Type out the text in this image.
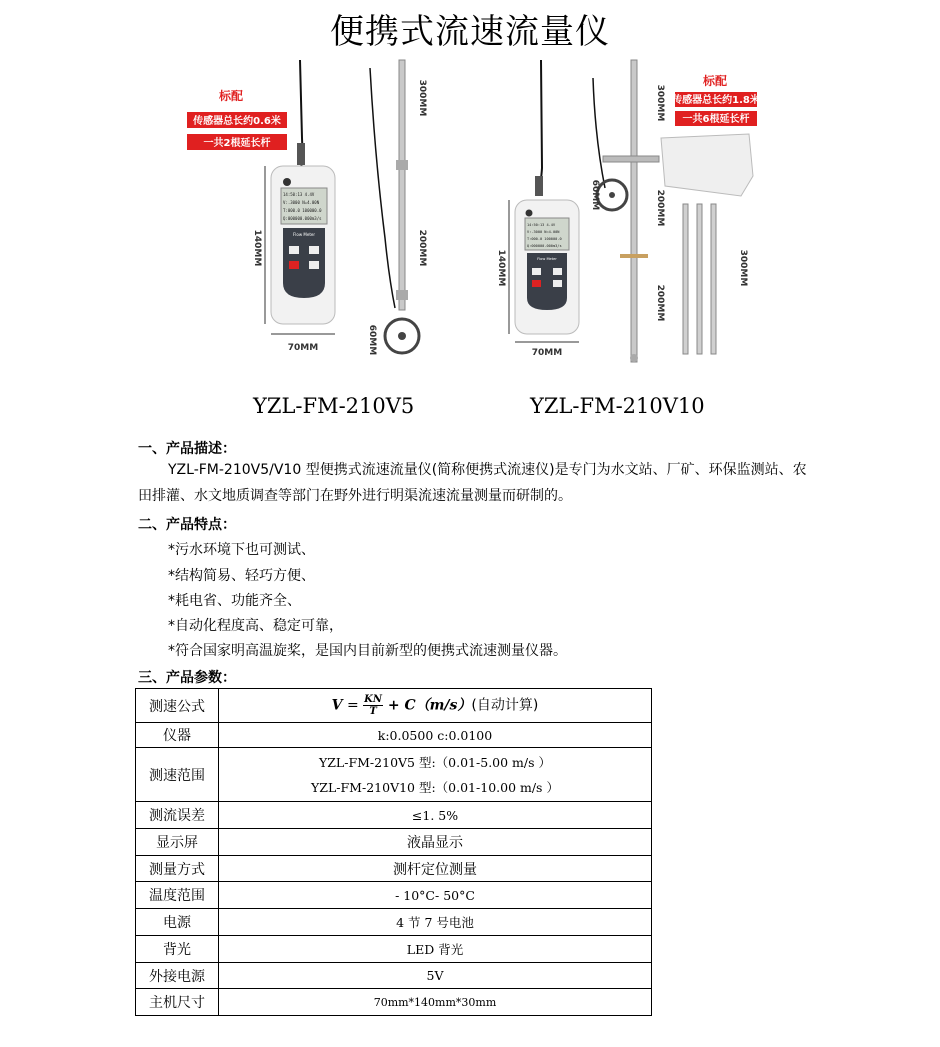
便携式流速流量仪
标配
传感器总长约0.6米
一共2根延长杆
14:50:13 4.4V
V:.3000 N=4.00N
T:000.0 100000.0
Q:000000.000m3/s
Flow Meter
140MM
70MM
300MM
200MM
60MM
14:50:13 4.4V
V:.3000 N=4.00N
T:000.0 100000.0
Q:000000.000m3/s
Flow Meter
140MM
70MM
300MM
60MM	200MM
200MM
300MM
标配
传感器总长约1.8米
一共6根延长杆
YZL-FM-210V5	YZL-FM-210V10
一、产品描述：
YZL-FM-210V5/V10 型便携式流速流量仪(简称便携式流速仪)是专门为水文站、厂矿、环保监测站、农
田排灌、水文地质调查等部门在野外进行明渠流速流量测量而研制的。
二、产品特点：
*污水环境下也可测试、
*结构简易、轻巧方便、
*耗电省、功能齐全、
*自动化程度高、稳定可靠，
*符合国家明高温旋桨，是国内目前新型的便携式流速测量仪器。
三、产品参数：
测速公式	$V = \frac{KN}{T} + C(m/s)$(自动计算)
仪器	k:0.0500 c:0.0100
测速范围	YZL-FM-210V5 型:（0.01-5.00 m/s ）
YZL-FM-210V10 型:（0.01-10.00 m/s ）

测流误差	≤1. 5%
显示屏	液晶显示
测量方式	测杆定位测量
温度范围	- 10°C- 50°C
电源	4 节 7 号电池
背光	LED 背光
外接电源	5V
主机尺寸	70mm*140mm*30mm
